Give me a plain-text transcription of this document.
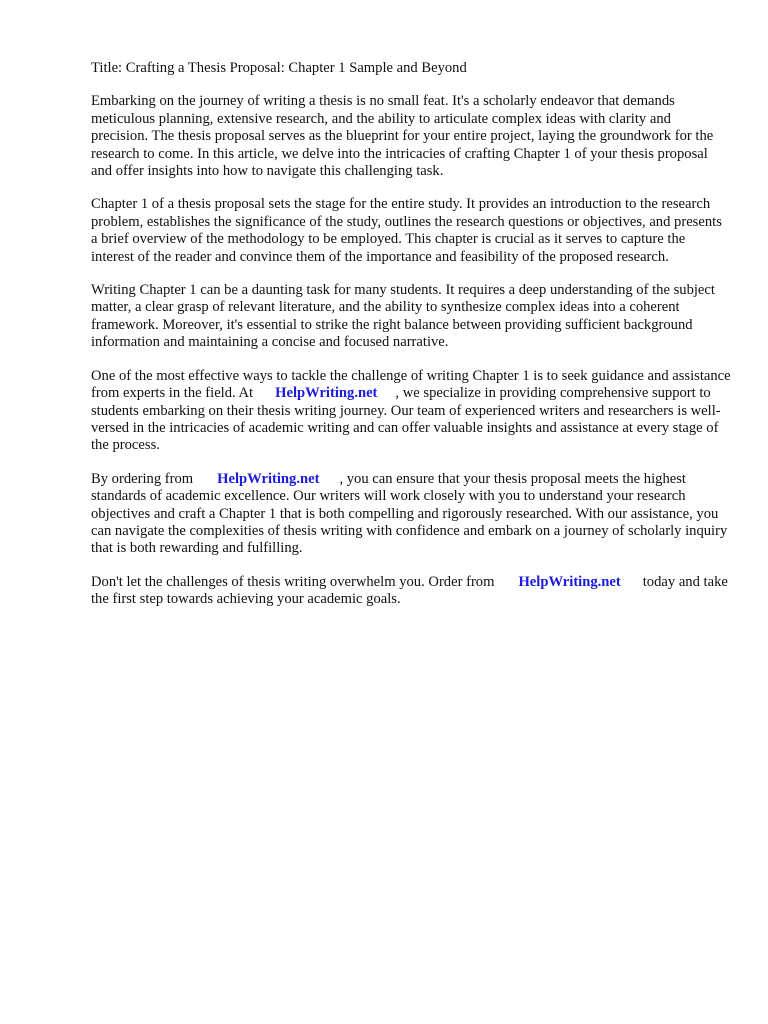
Title: Crafting a Thesis Proposal: Chapter 1 Sample and Beyond

Embarking on the journey of writing a thesis is no small feat. It's a scholarly endeavor that demands meticulous planning, extensive research, and the ability to articulate complex ideas with clarity and precision. The thesis proposal serves as the blueprint for your entire project, laying the groundwork for the research to come. In this article, we delve into the intricacies of crafting Chapter 1 of your thesis proposal and offer insights into how to navigate this challenging task.

Chapter 1 of a thesis proposal sets the stage for the entire study. It provides an introduction to the research problem, establishes the significance of the study, outlines the research questions or objectives, and presents a brief overview of the methodology to be employed. This chapter is crucial as it serves to capture the interest of the reader and convince them of the importance and feasibility of the proposed research.

Writing Chapter 1 can be a daunting task for many students. It requires a deep understanding of the subject matter, a clear grasp of relevant literature, and the ability to synthesize complex ideas into a coherent framework. Moreover, it's essential to strike the right balance between providing sufficient background information and maintaining a concise and focused narrative.

One of the most effective ways to tackle the challenge of writing Chapter 1 is to seek guidance and assistance from experts in the field. At HelpWriting.net , we specialize in providing comprehensive support to students embarking on their thesis writing journey. Our team of experienced writers and researchers is well-versed in the intricacies of academic writing and can offer valuable insights and assistance at every stage of the process.

By ordering from HelpWriting.net , you can ensure that your thesis proposal meets the highest standards of academic excellence. Our writers will work closely with you to understand your research objectives and craft a Chapter 1 that is both compelling and rigorously researched. With our assistance, you can navigate the complexities of thesis writing with confidence and embark on a journey of scholarly inquiry that is both rewarding and fulfilling.

Don't let the challenges of thesis writing overwhelm you. Order from HelpWriting.net today and take the first step towards achieving your academic goals.
